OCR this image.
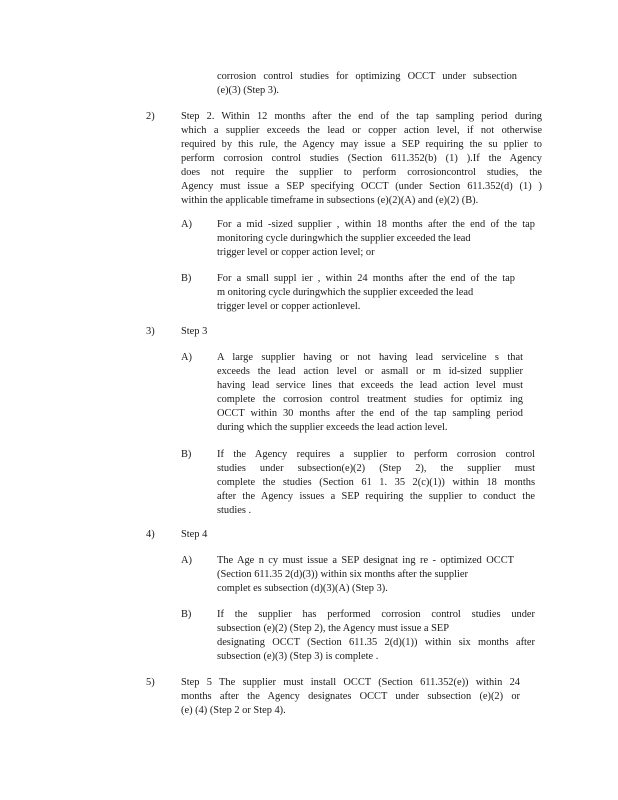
corrosion control studies for optimizing OCCT under subsection
(e)(3) (Step 3).
2)	Step 2. Within 12 months after the end of the tap sampling period during
which a supplier exceeds the lead or copper action level, if not otherwise
required by this rule, the Agency may issue a SEP requiring the su pplier to
perform corrosion control studies (Section 611.352(b) (1) ).If the Agency
does not require the supplier to perform corrosioncontrol studies, the
Agency must issue a SEP specifying OCCT (under Section 611.352(d) (1) )
within the applicable timeframe in subsections (e)(2)(A) and (e)(2) (B).
A) For a mid -sized supplier , within 18 months after the end of the tap
monitoring cycle duringwhich the supplier exceeded the lead
trigger level or copper action level; or
B) For a small suppl ier , within 24 months after the end of the tap
m onitoring cycle duringwhich the supplier exceeded the lead
trigger level or copper actionlevel.
3)	Step 3
A) A large supplier having or not having lead serviceline s that
exceeds the lead action level or asmall or m id-sized supplier
having lead service lines that exceeds the lead action level must
complete the corrosion control treatment studies for optimiz ing
OCCT within 30 months after the end of the tap sampling period
during which the supplier exceeds the lead action level.
B) If the Agency requires a supplier to perform corrosion control
studies under subsection(e)(2) (Step 2), the supplier must
complete the studies (Section 61 1. 35 2(c)(1)) within 18 months
after the Agency issues a SEP requiring the supplier to conduct the
studies .
4)	Step 4
A) The Age n cy must issue a SEP designat ing re - optimized OCCT
(Section 611.35 2(d)(3)) within six months after the supplier
complet es subsection (d)(3)(A) (Step 3).
B) If the supplier has performed corrosion control studies under
subsection (e)(2) (Step 2), the Agency must issue a SEP
designating OCCT (Section 611.35 2(d)(1)) within six months after
subsection (e)(3) (Step 3) is complete .
5)	Step 5 The supplier must install OCCT (Section 611.352(e)) within 24
months after the Agency designates OCCT under subsection (e)(2) or
(e) (4) (Step 2 or Step 4).
